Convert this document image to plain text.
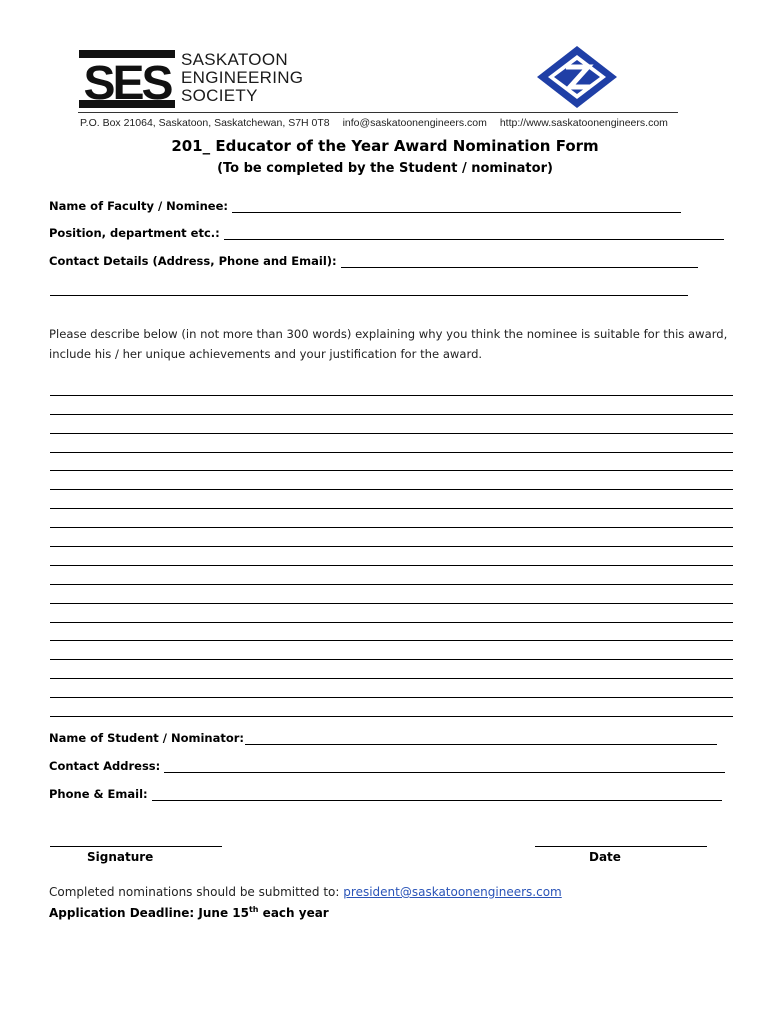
SES SASKATOON
ENGINEERING
SOCIETY
P.O. Box 21064, Saskatoon, Saskatchewan, S7H 0T8 info@saskatoonengineers.com http://www.saskatoonengineers.com
201_ Educator of the Year Award Nomination Form
(To be completed by the Student / nominator)
Name of Faculty / Nominee:
Position, department etc.:
Contact Details (Address, Phone and Email):
Please describe below (in not more than 300 words) explaining why you think the nominee is suitable for this award, include his / her unique achievements and your justification for the award.
Name of Student / Nominator:
Contact Address:
Phone & Email:
Signature	Date
Completed nominations should be submitted to: president@saskatoonengineers.com
Application Deadline: June 15th each year
